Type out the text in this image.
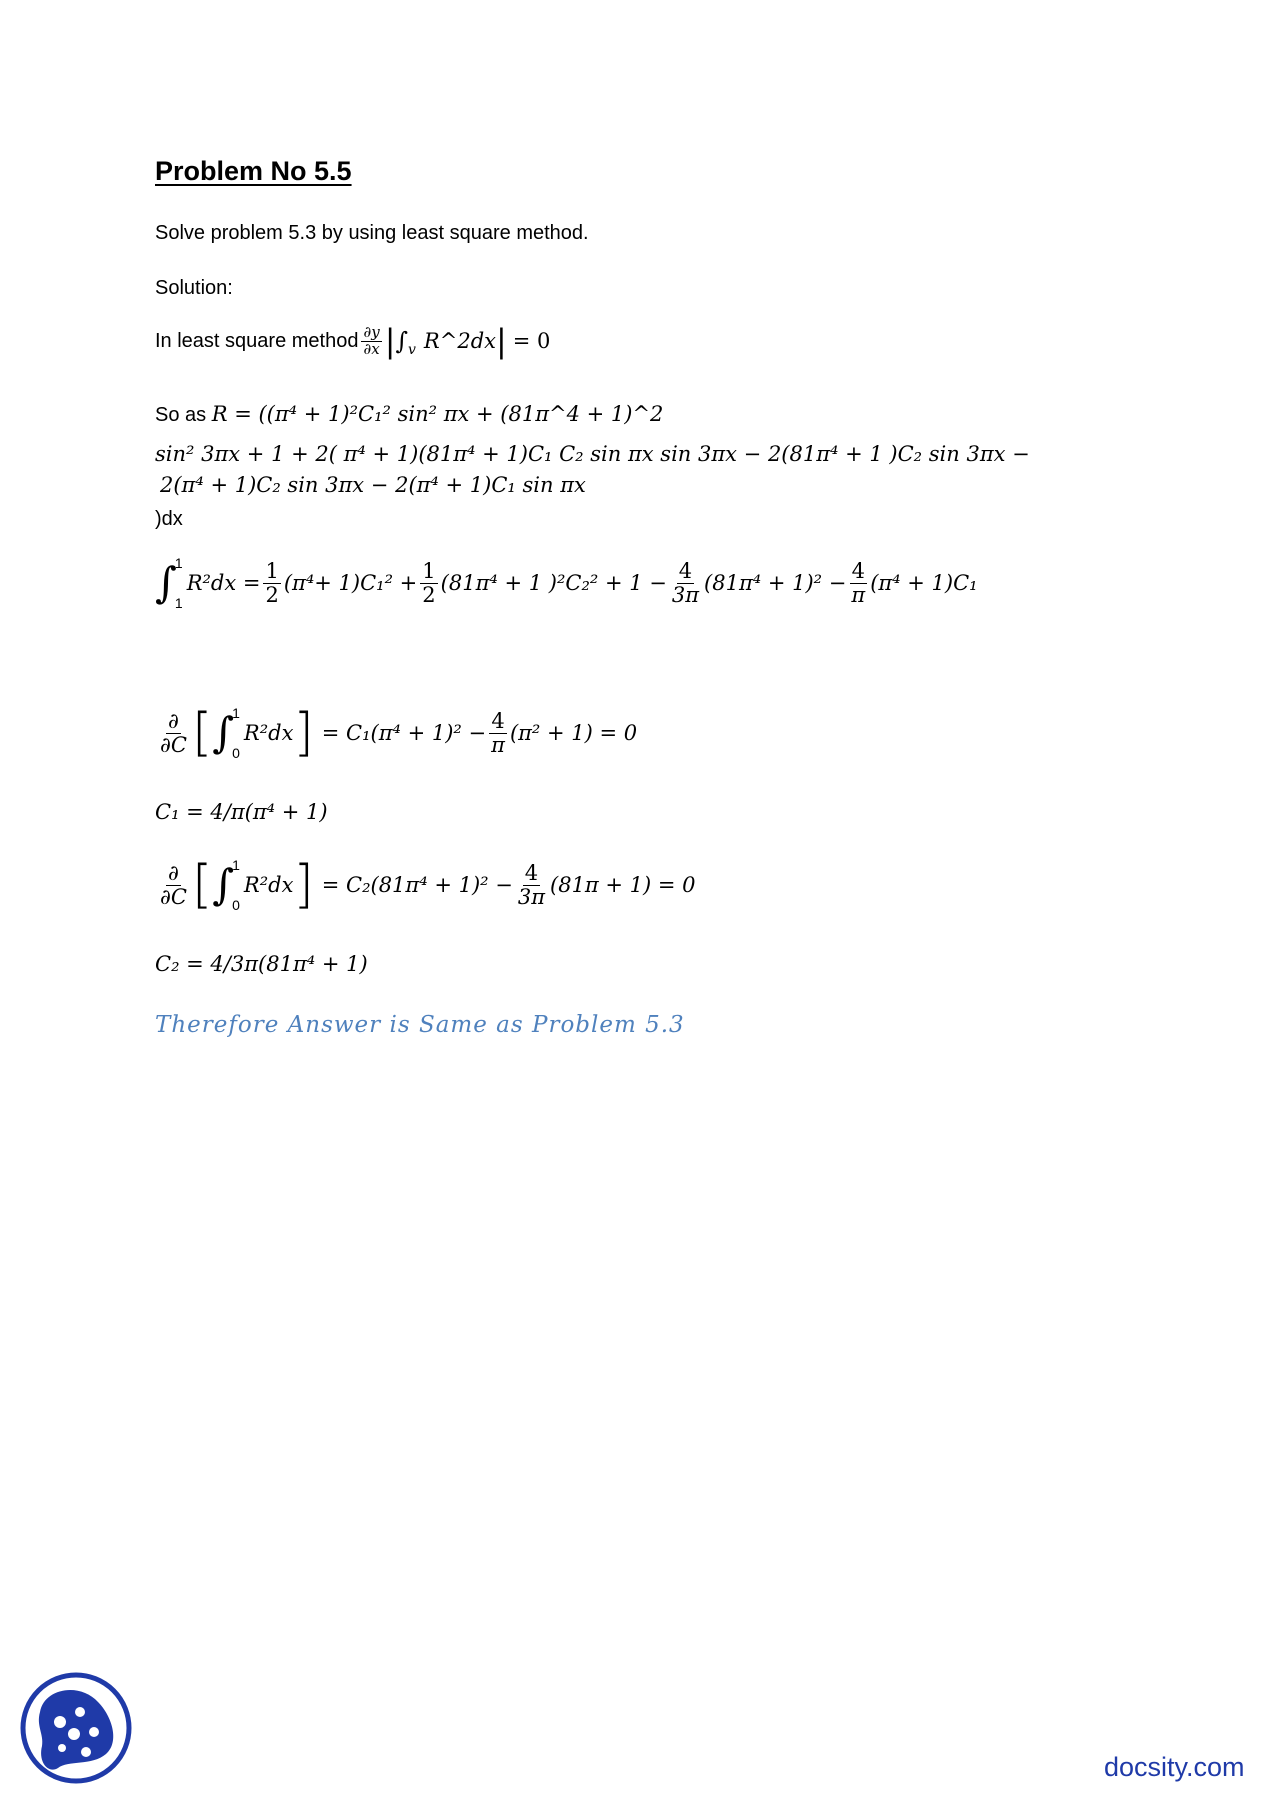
Problem No 5.5
Solve problem 5.3 by using least square method.
Solution:
In least square method $\frac{\partial y}{\partial x}$ | ∫ v R^2dx | = 0
So as R = ((π⁴ + 1)²C₁² sin² πx + (81π^4 + 1)^2
sin² 3πx + 1 + 2( π⁴ + 1)(81π⁴ + 1)C₁ C₂ sin πx sin 3πx − 2(81π⁴ + 1 )C₂ sin 3πx −
2(π⁴ + 1)C₂ sin 3πx − 2(π⁴ + 1)C₁ sin πx
)dx
∫
1
1
$R^2dx = \frac{1}{2} (\pi^4+ 1)C_1^2 + \frac{1}{2} (81\pi^4 + 1$ )$^2C_2^2 + 1 - \frac{4}{3\pi} (81\pi^4 + 1)^2 - \frac{4}{\pi} (\pi^4 + 1)C_1$
$\frac{\partial}{\partial C}$ [ ∫
1
0
R²dx ] = $C_1(\pi^4 + 1)^2 - \frac{4}{\pi} (\pi^2 + 1) = 0$
C₁ = 4/π(π⁴ + 1)
$\frac{\partial}{\partial C}$ [ ∫
1
0
R²dx ] = $C_2(81\pi^4 + 1)^2 - \frac{4}{3\pi} (81\pi + 1) = 0$
C₂ = 4/3π(81π⁴ + 1)
Therefore Answer is Same as Problem 5.3
docsity.com
